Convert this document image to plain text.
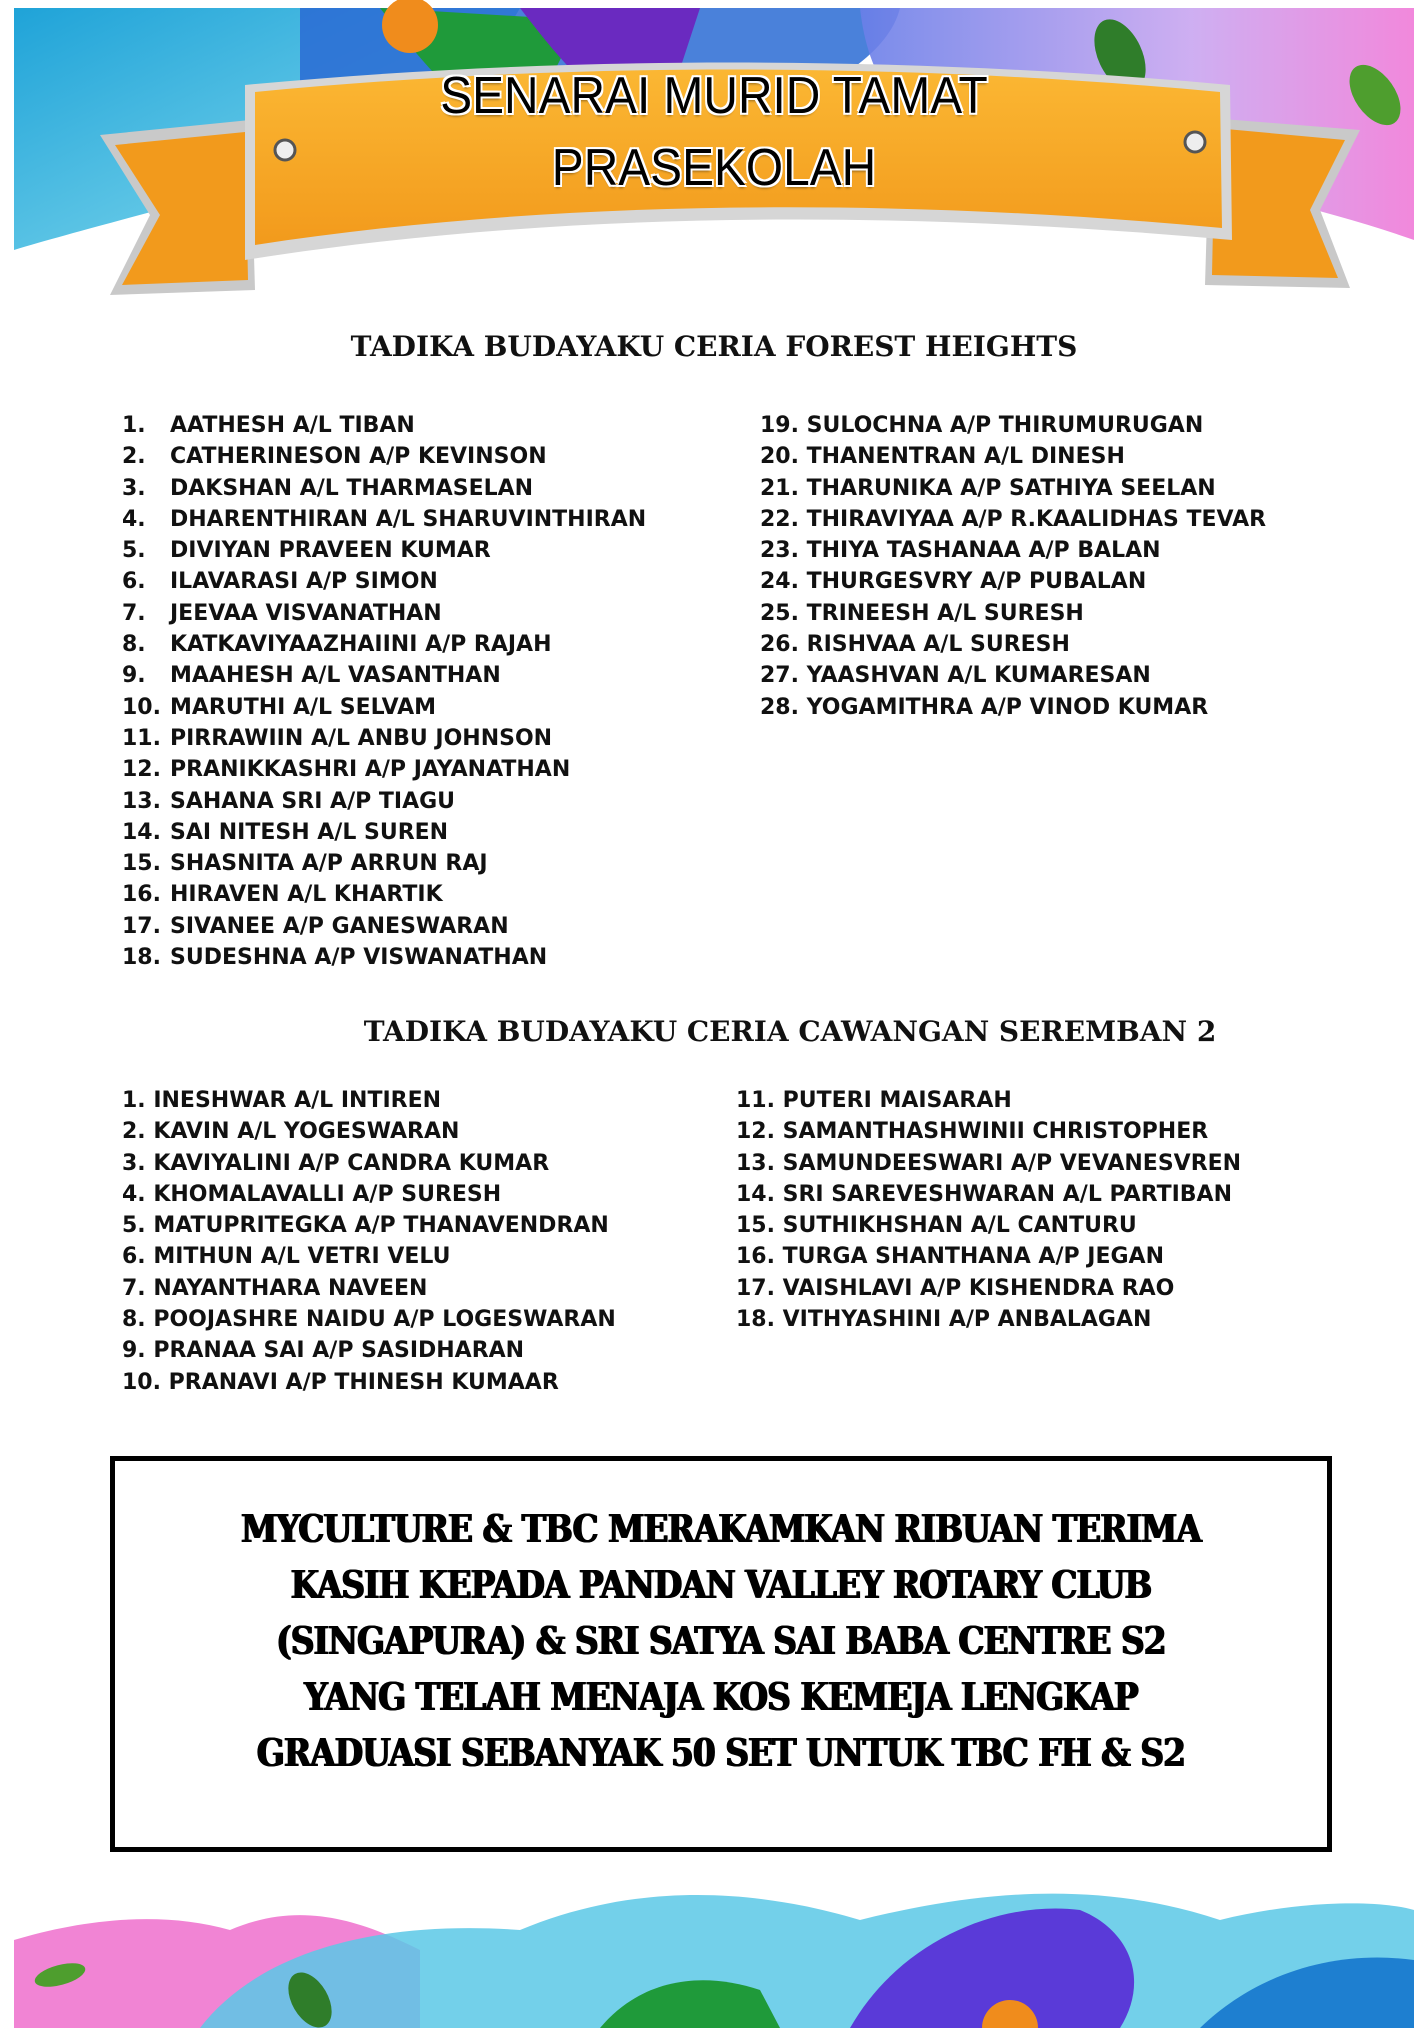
SENARAI MURID TAMAT
PRASEKOLAH
TADIKA BUDAYAKU CERIA FOREST HEIGHTS
1. AATHESH A/L TIBAN
2. CATHERINESON A/P KEVINSON
3. DAKSHAN A/L THARMASELAN
4. DHARENTHIRAN A/L SHARUVINTHIRAN
5. DIVIYAN PRAVEEN KUMAR
6. ILAVARASI A/P SIMON
7. JEEVAA VISVANATHAN
8. KATKAVIYAAZHAIINI A/P RAJAH
9. MAAHESH A/L VASANTHAN
10. MARUTHI A/L SELVAM
11. PIRRAWIIN A/L ANBU JOHNSON
12. PRANIKKASHRI A/P JAYANATHAN
13. SAHANA SRI A/P TIAGU
14. SAI NITESH A/L SUREN
15. SHASNITA A/P ARRUN RAJ
16. HIRAVEN A/L KHARTIK
17. SIVANEE A/P GANESWARAN
18. SUDESHNA A/P VISWANATHAN
19. SULOCHNA A/P THIRUMURUGAN
20. THANENTRAN A/L DINESH
21. THARUNIKA A/P SATHIYA SEELAN
22. THIRAVIYAA A/P R.KAALIDHAS TEVAR
23. THIYA TASHANAA A/P BALAN
24. THURGESVRY A/P PUBALAN
25. TRINEESH A/L SURESH
26. RISHVAA A/L SURESH
27. YAASHVAN A/L KUMARESAN
28. YOGAMITHRA A/P VINOD KUMAR
TADIKA BUDAYAKU CERIA CAWANGAN SEREMBAN 2
1. INESHWAR A/L INTIREN
2. KAVIN A/L YOGESWARAN
3. KAVIYALINI A/P CANDRA KUMAR
4. KHOMALAVALLI A/P SURESH
5. MATUPRITEGKA A/P THANAVENDRAN
6. MITHUN A/L VETRI VELU
7. NAYANTHARA NAVEEN
8. POOJASHRE NAIDU A/P LOGESWARAN
9. PRANAA SAI A/P SASIDHARAN
10. PRANAVI A/P THINESH KUMAAR
11. PUTERI MAISARAH
12. SAMANTHASHWINII CHRISTOPHER
13. SAMUNDEESWARI A/P VEVANESVREN
14. SRI SAREVESHWARAN A/L PARTIBAN
15. SUTHIKHSHAN A/L CANTURU
16. TURGA SHANTHANA A/P JEGAN
17. VAISHLAVI A/P KISHENDRA RAO
18. VITHYASHINI A/P ANBALAGAN
MYCULTURE & TBC MERAKAMKAN RIBUAN TERIMA
KASIH KEPADA PANDAN VALLEY ROTARY CLUB
(SINGAPURA) & SRI SATYA SAI BABA CENTRE S2
YANG TELAH MENAJA KOS KEMEJA LENGKAP
GRADUASI SEBANYAK 50 SET UNTUK TBC FH & S2
